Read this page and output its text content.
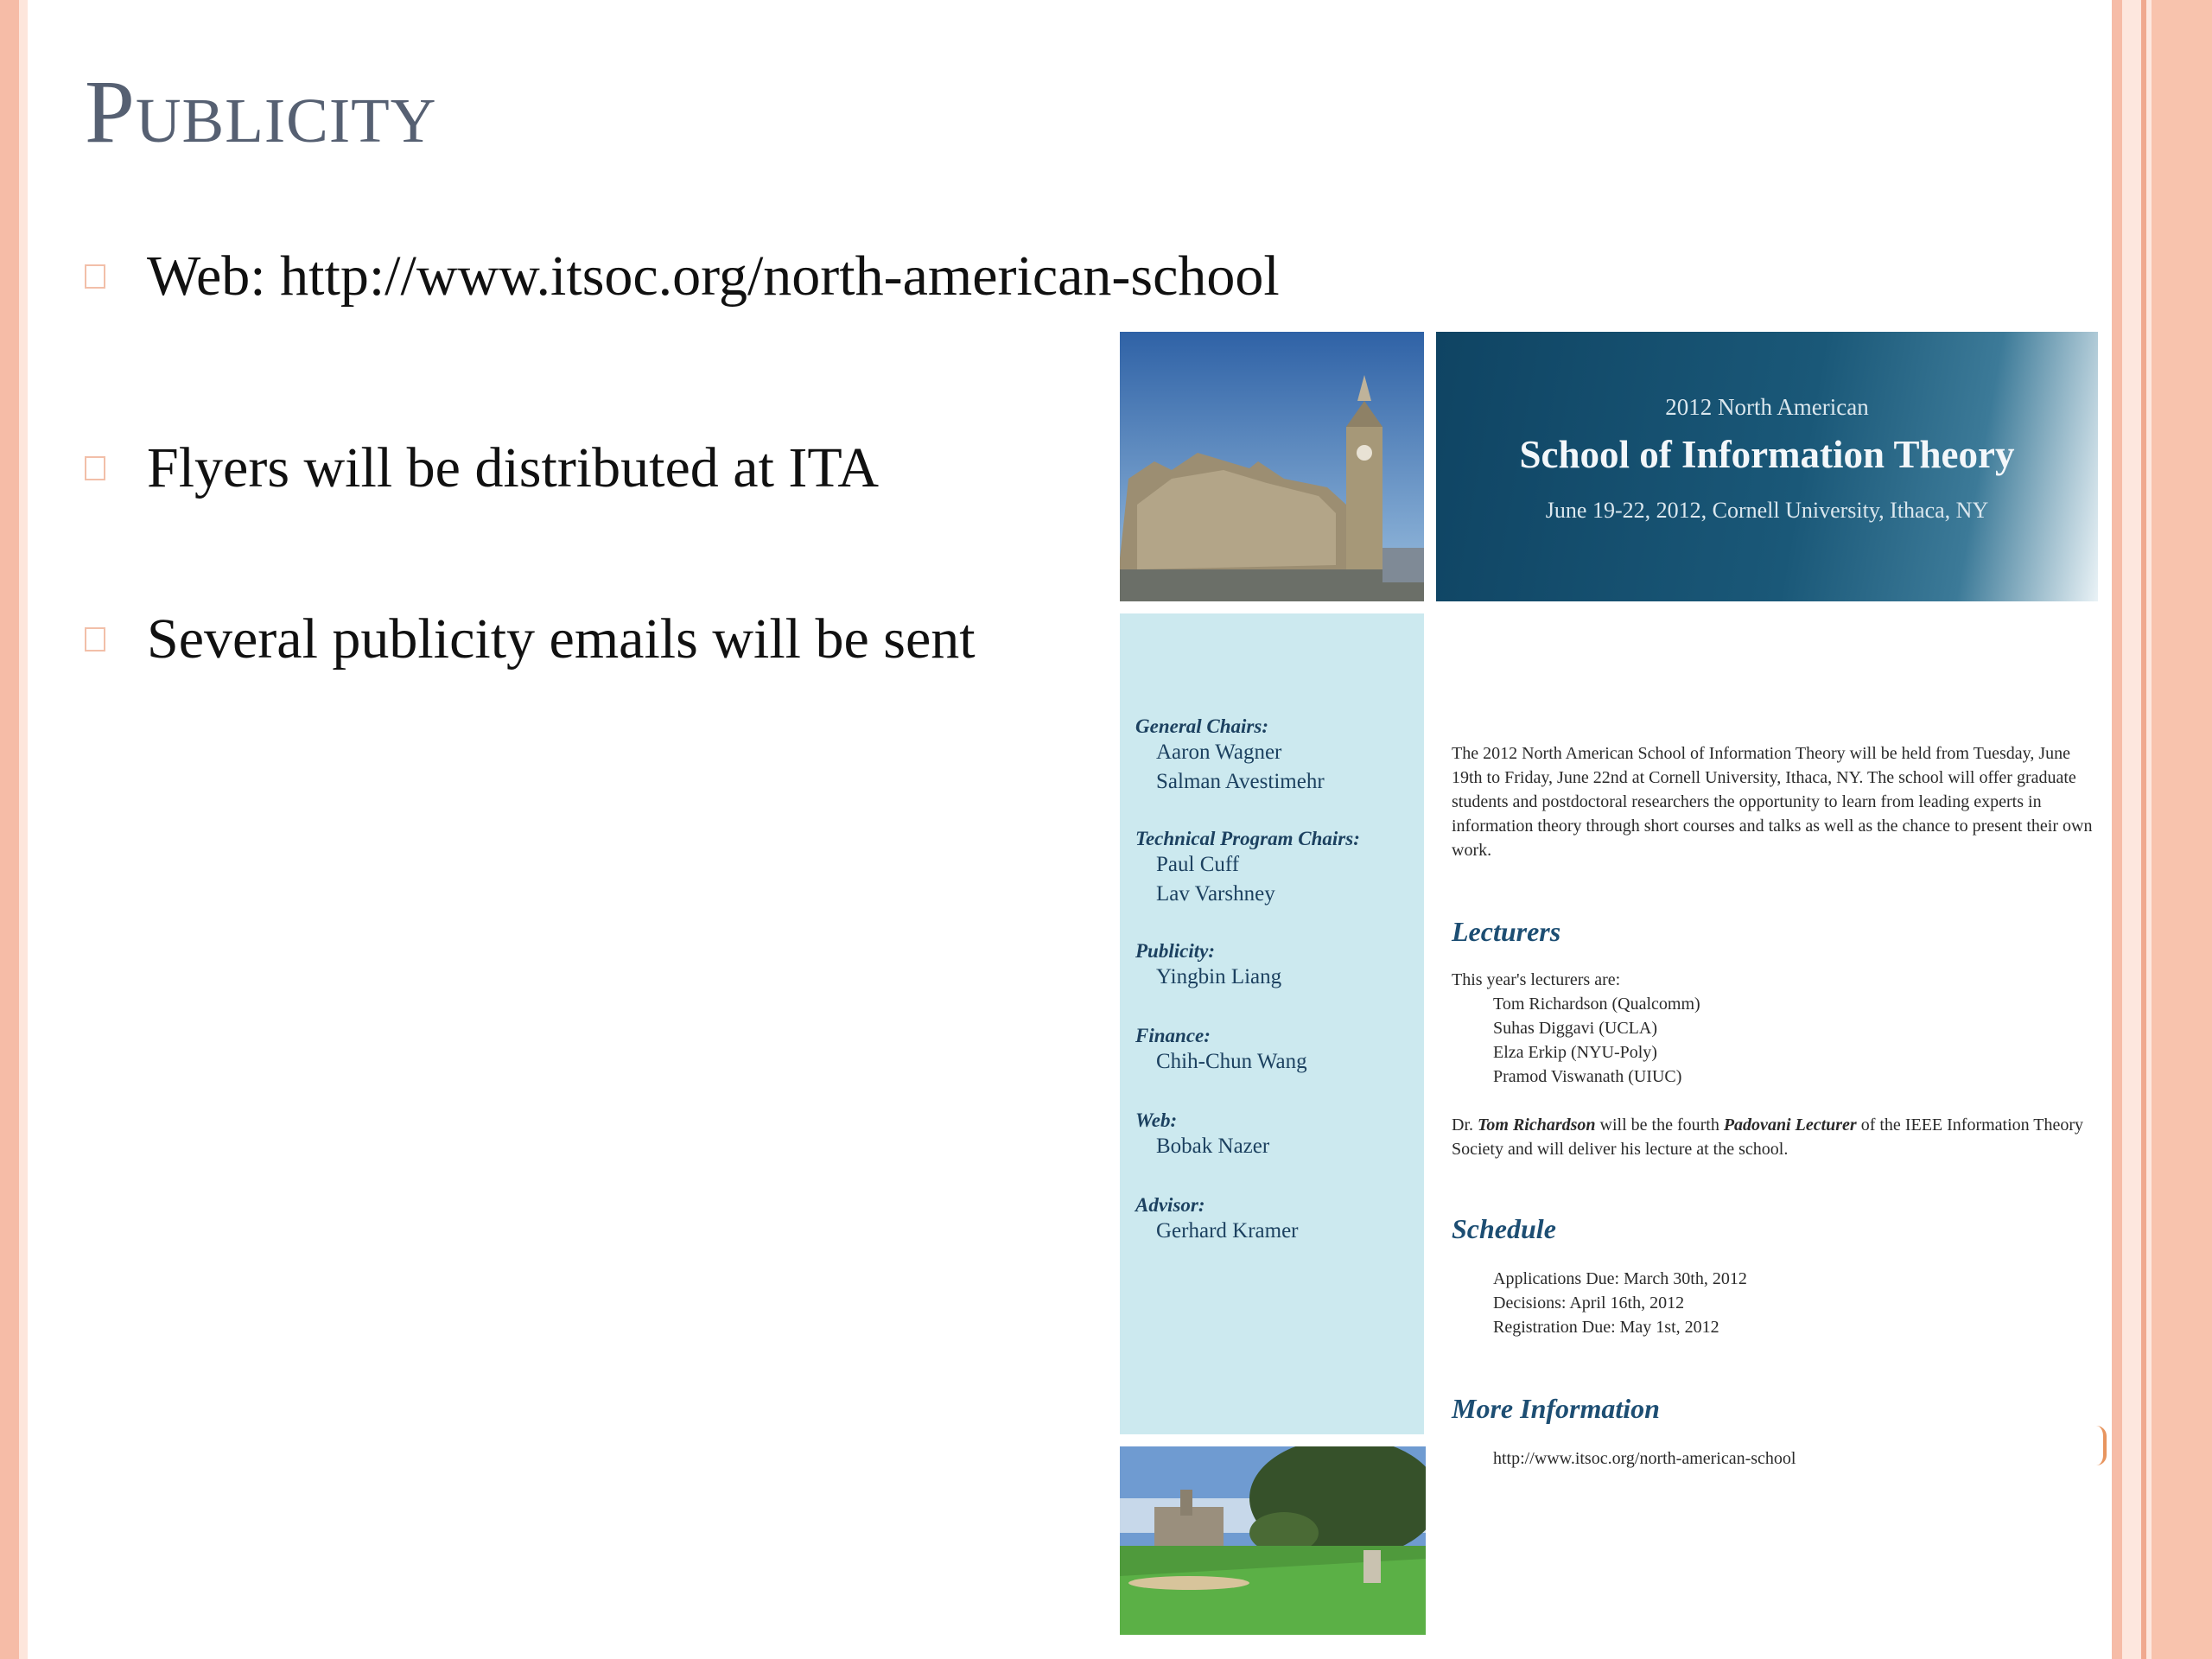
Publicity
Web: http://www.itsoc.org/north-american-school
Flyers will be distributed at ITA
Several publicity emails will be sent
2012 North American
School of Information Theory
June 19-22, 2012, Cornell University, Ithaca, NY
General Chairs:
Aaron Wagner
Salman Avestimehr
Technical Program Chairs:
Paul Cuff
Lav Varshney
Publicity:
Yingbin Liang
Finance:
Chih-Chun Wang
Web:
Bobak Nazer
Advisor:
Gerhard Kramer
The 2012 North American School of Information Theory will be held from Tuesday, June 19th to Friday, June 22nd at Cornell University, Ithaca, NY. The school will offer graduate students and postdoctoral researchers the opportunity to learn from leading experts in information theory through short courses and talks as well as the chance to present their own work.
Lecturers
This year's lecturers are:
Tom Richardson (Qualcomm)
Suhas Diggavi (UCLA)
Elza Erkip (NYU-Poly)
Pramod Viswanath (UIUC)
Dr. Tom Richardson will be the fourth Padovani Lecturer of the IEEE Information Theory Society and will deliver his lecture at the school.
Schedule
Applications Due: March 30th, 2012
Decisions: April 16th, 2012
Registration Due: May 1st, 2012
More Information
http://www.itsoc.org/north-american-school
